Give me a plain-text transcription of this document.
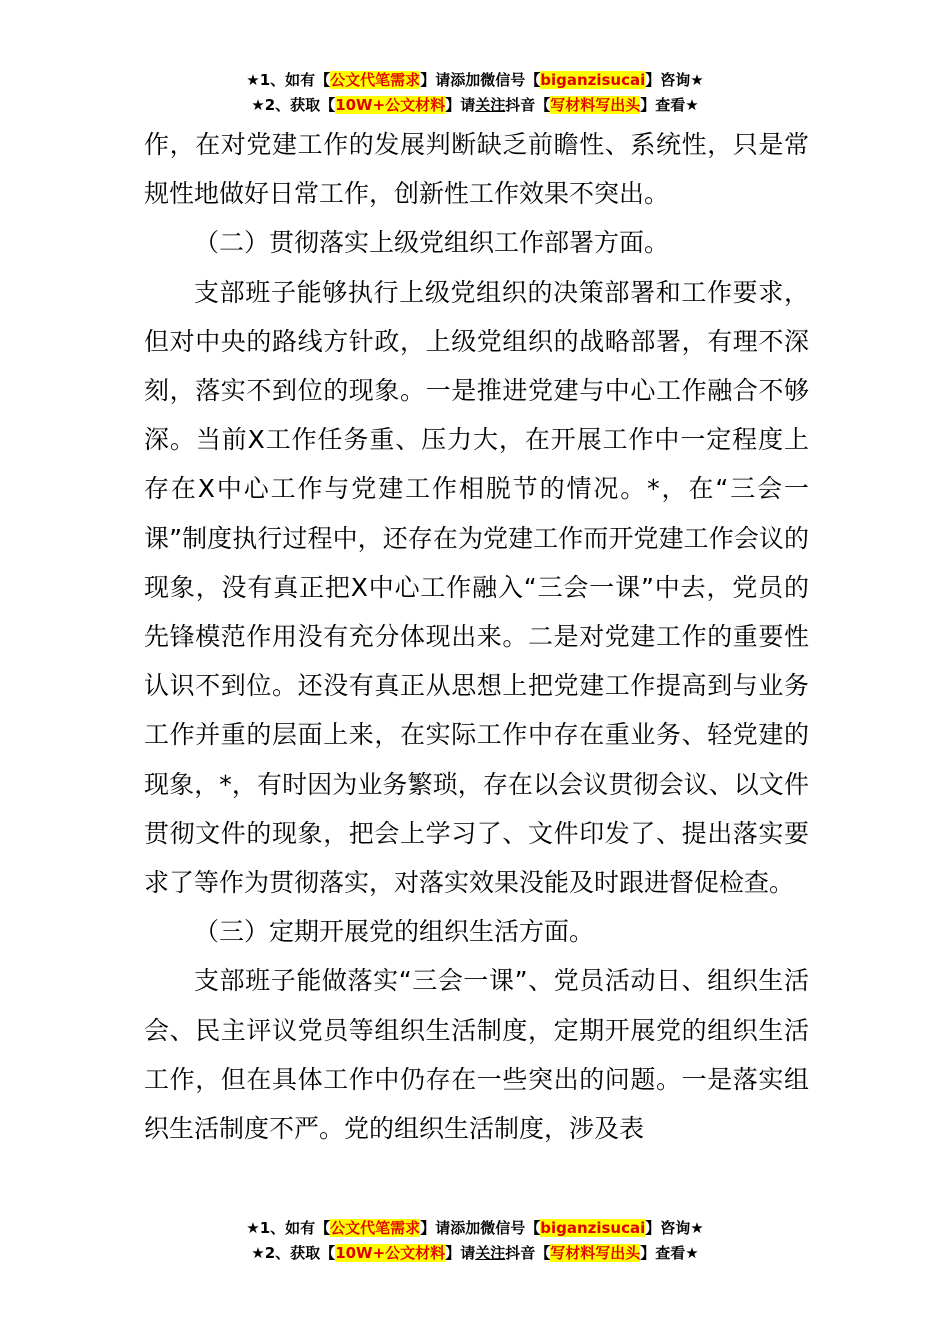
★1、如有【公文代笔需求】请添加微信号【biganzisucai】咨询★
★2、获取【10W+公文材料】请关注抖音【写材料写出头】查看★

作，在对党建工作的发展判断缺乏前瞻性、系统性，只是常规性地做好日常工作，创新性工作效果不突出。

（二）贯彻落实上级党组织工作部署方面。

支部班子能够执行上级党组织的决策部署和工作要求，但对中央的路线方针政，上级党组织的战略部署，有理不深刻，落实不到位的现象。一是推进党建与中心工作融合不够深。当前X工作任务重、压力大，在开展工作中一定程度上存在X中心工作与党建工作相脱节的情况。*，在“三会一课”制度执行过程中，还存在为党建工作而开党建工作会议的现象，没有真正把X中心工作融入“三会一课”中去，党员的先锋模范作用没有充分体现出来。二是对党建工作的重要性认识不到位。还没有真正从思想上把党建工作提高到与业务工作并重的层面上来，在实际工作中存在重业务、轻党建的现象，*，有时因为业务繁琐，存在以会议贯彻会议、以文件贯彻文件的现象，把会上学习了、文件印发了、提出落实要求了等作为贯彻落实，对落实效果没能及时跟进督促检查。

（三）定期开展党的组织生活方面。

支部班子能做落实“三会一课”、党员活动日、组织生活会、民主评议党员等组织生活制度，定期开展党的组织生活工作，但在具体工作中仍存在一些突出的问题。一是落实组织生活制度不严。党的组织生活制度，涉及表

★1、如有【公文代笔需求】请添加微信号【biganzisucai】咨询★
★2、获取【10W+公文材料】请关注抖音【写材料写出头】查看★
